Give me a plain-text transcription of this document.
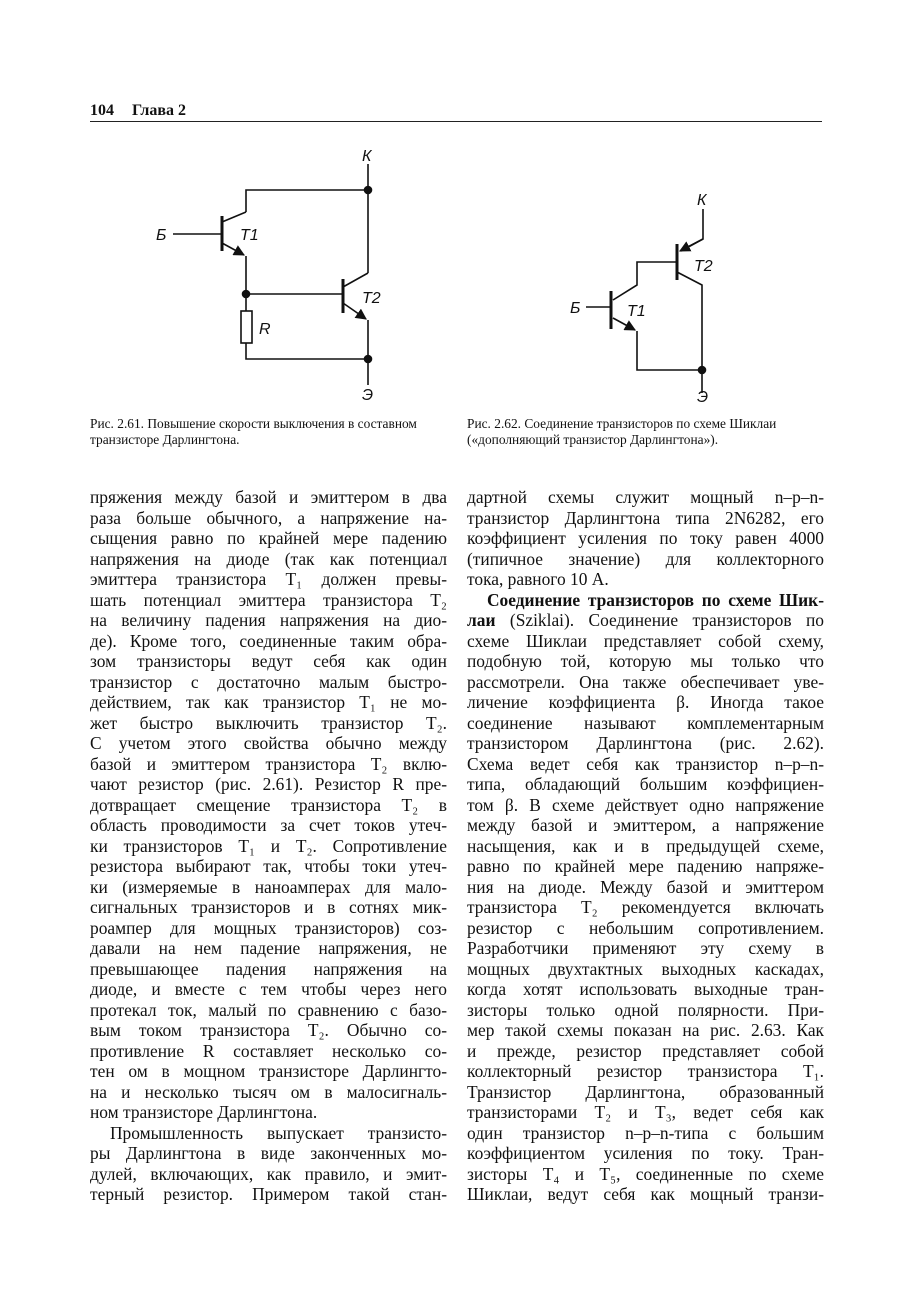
104 Глава 2
К
Б
Э
T1
T2
R
К
Б
Э
T1
T2
Рис. 2.61. Повышение скорости выключения в составном транзисторе Дарлингтона.
Рис. 2.62. Соединение транзисторов по схеме Шиклаи («дополняющий транзистор Дарлингтона»).
пряжения между базой и эмиттером в два
раза больше обычного, а напряжение на-
сыщения равно по крайней мере падению
напряжения на диоде (так как потенциал
эмиттера транзистора T₁ должен превы-
шать потенциал эмиттера транзистора T₂
на величину падения напряжения на дио-
де). Кроме того, соединенные таким обра-
зом транзисторы ведут себя как один
транзистор с достаточно малым быстро-
действием, так как транзистор T₁ не мо-
жет быстро выключить транзистор T₂.
С учетом этого свойства обычно между
базой и эмиттером транзистора T₂ вклю-
чают резистор (рис. 2.61). Резистор R пре-
дотвращает смещение транзистора T₂ в
область проводимости за счет токов утеч-
ки транзисторов T₁ и T₂. Сопротивление
резистора выбирают так, чтобы токи утеч-
ки (измеряемые в наноамперах для мало-
сигнальных транзисторов и в сотнях мик-
роампер для мощных транзисторов) соз-
давали на нем падение напряжения, не
превышающее падения напряжения на
диоде, и вместе с тем чтобы через него
протекал ток, малый по сравнению с базо-
вым током транзистора T₂. Обычно со-
противление R составляет несколько со-
тен ом в мощном транзисторе Дарлингто-
на и несколько тысяч ом в малосигналь-
ном транзисторе Дарлингтона.
Промышленность выпускает транзисто-
ры Дарлингтона в виде законченных мо-
дулей, включающих, как правило, и эмит-
терный резистор. Примером такой стан-
дартной схемы служит мощный n–p–n-
транзистор Дарлингтона типа 2N6282, его
коэффициент усиления по току равен 4000
(типичное значение) для коллекторного
тока, равного 10 А.
Соединение транзисторов по схеме Шик-
лаи (Sziklai). Соединение транзисторов по
схеме Шиклаи представляет собой схему,
подобную той, которую мы только что
рассмотрели. Она также обеспечивает уве-
личение коэффициента β. Иногда такое
соединение называют комплементарным
транзистором Дарлингтона (рис. 2.62).
Схема ведет себя как транзистор n–p–n-
типа, обладающий большим коэффициен-
том β. В схеме действует одно напряжение
между базой и эмиттером, а напряжение
насыщения, как и в предыдущей схеме,
равно по крайней мере падению напряже-
ния на диоде. Между базой и эмиттером
транзистора T₂ рекомендуется включать
резистор с небольшим сопротивлением.
Разработчики применяют эту схему в
мощных двухтактных выходных каскадах,
когда хотят использовать выходные тран-
зисторы только одной полярности. При-
мер такой схемы показан на рис. 2.63. Как
и прежде, резистор представляет собой
коллекторный резистор транзистора T₁.
Транзистор Дарлингтона, образованный
транзисторами T₂ и T₃, ведет себя как
один транзистор n–p–n-типа с большим
коэффициентом усиления по току. Тран-
зисторы T₄ и T₅, соединенные по схеме
Шиклаи, ведут себя как мощный транзи-
